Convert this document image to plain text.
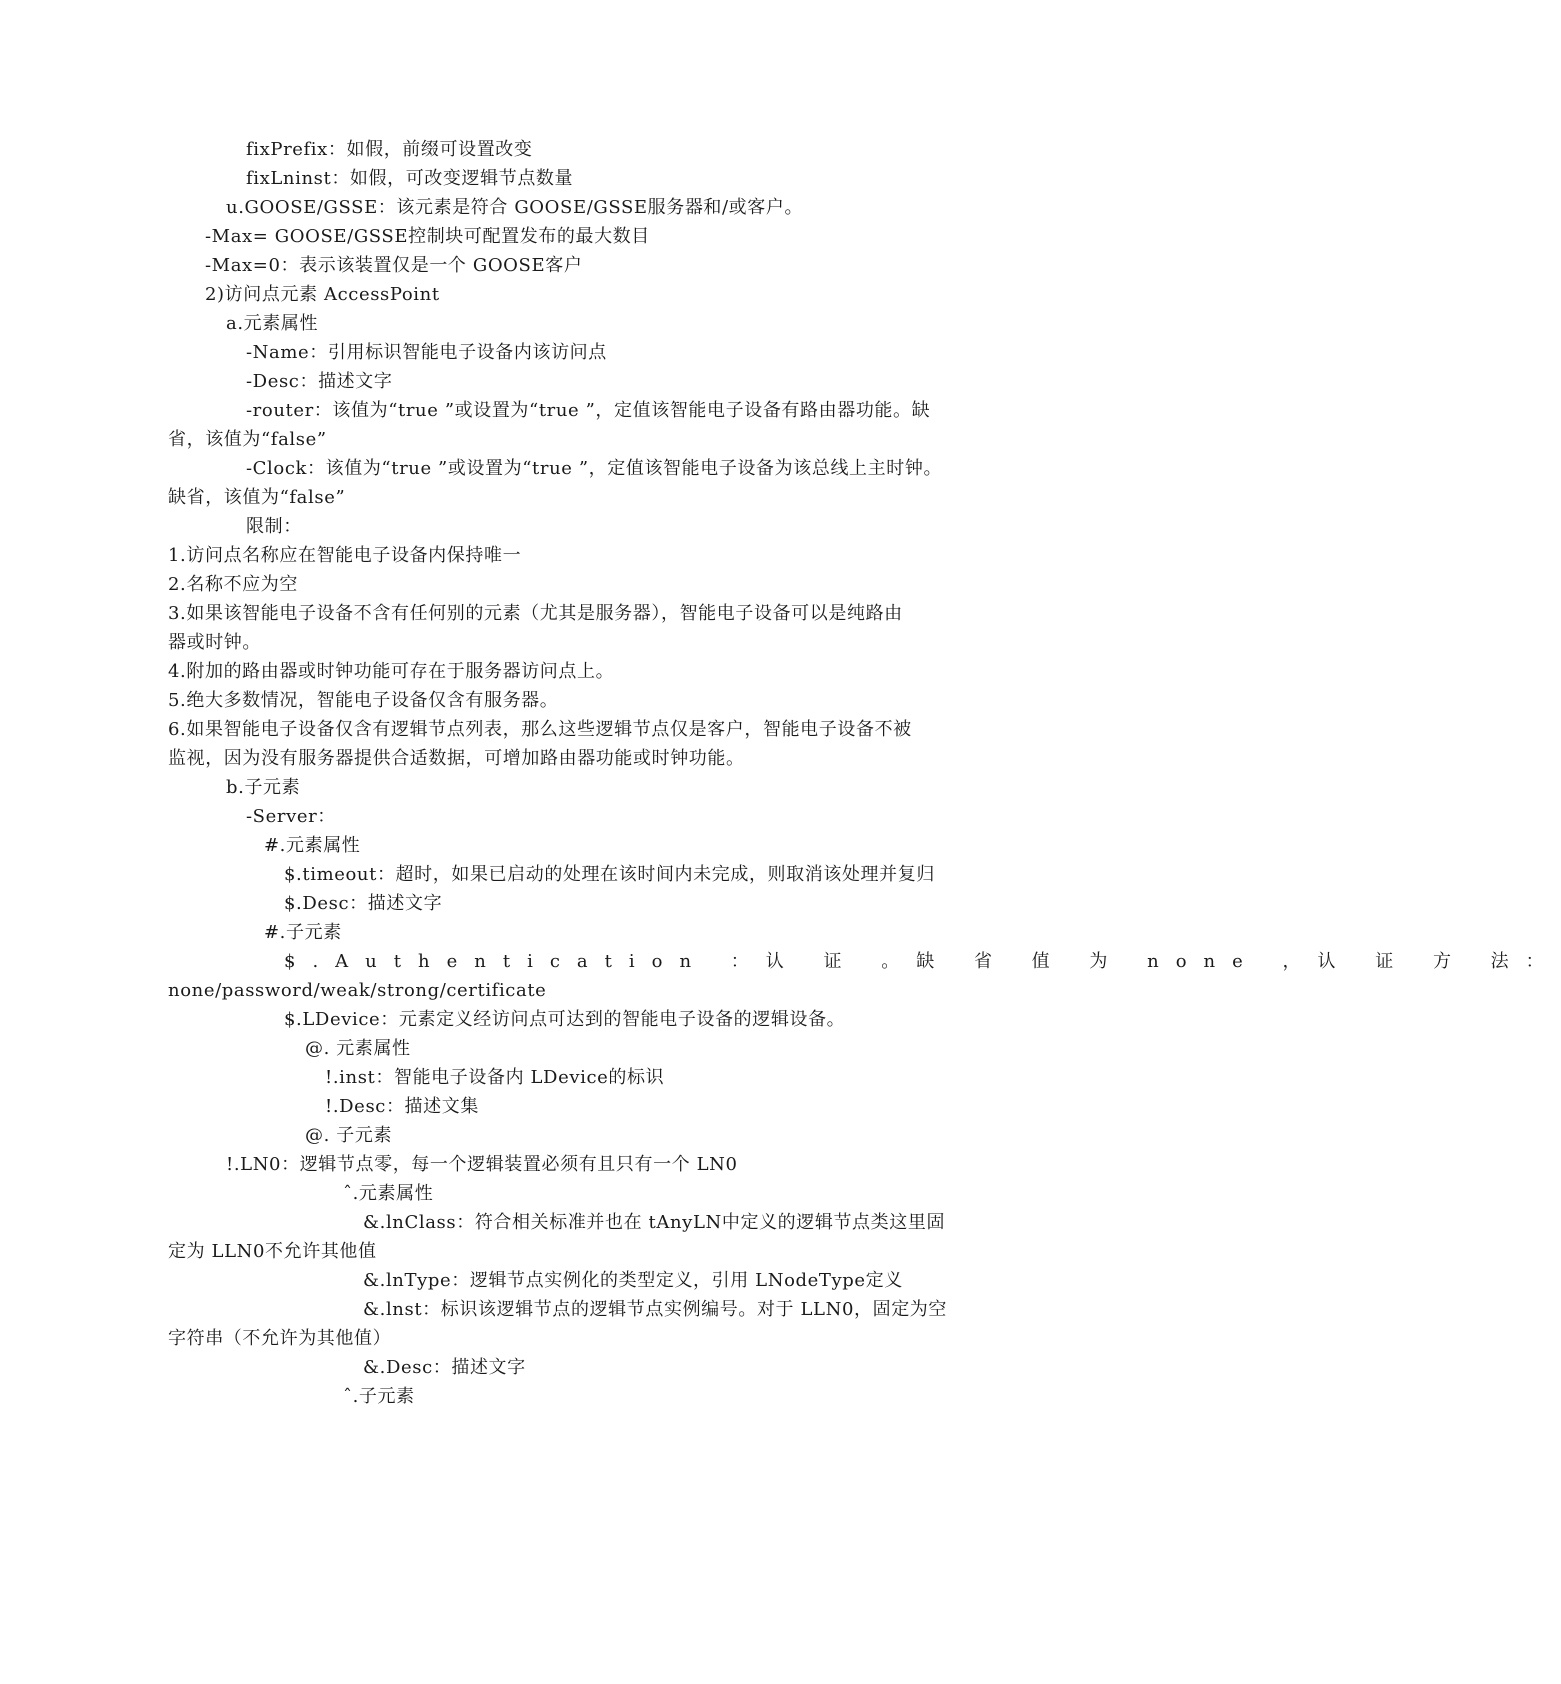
fixPrefix：如假，前缀可设置改变
fixLninst：如假，可改变逻辑节点数量
u.GOOSE/GSSE：该元素是符合 GOOSE/GSSE服务器和/或客户。
-Max= GOOSE/GSSE控制块可配置发布的最大数目
-Max=0：表示该装置仅是一个 GOOSE客户
2)访问点元素 AccessPoint
a.元素属性
-Name：引用标识智能电子设备内该访问点
-Desc：描述文字
-router：该值为“true ”或设置为“true ”，定值该智能电子设备有路由器功能。缺
省，该值为“false”
-Clock：该值为“true ”或设置为“true ”，定值该智能电子设备为该总线上主时钟。
缺省，该值为“false”
限制：
1.访问点名称应在智能电子设备内保持唯一
2.名称不应为空
3.如果该智能电子设备不含有任何别的元素（尤其是服务器），智能电子设备可以是纯路由
器或时钟。
4.附加的路由器或时钟功能可存在于服务器访问点上。
5.绝大多数情况，智能电子设备仅含有服务器。
6.如果智能电子设备仅含有逻辑节点列表，那么这些逻辑节点仅是客户，智能电子设备不被
监视，因为没有服务器提供合适数据，可增加路由器功能或时钟功能。
b.子元素
-Server：
#.元素属性
$.timeout：超时，如果已启动的处理在该时间内未完成，则取消该处理并复归
$.Desc：描述文字
#.子元素
$.Authentication ：认 证 。缺 省 值 为 none ，认 证 方 法：
none/password/weak/strong/certificate
$.LDevice：元素定义经访问点可达到的智能电子设备的逻辑设备。
@. 元素属性
!.inst：智能电子设备内 LDevice的标识
!.Desc：描述文集
@. 子元素
!.LN0：逻辑节点零，每一个逻辑装置必须有且只有一个 LN0
ˆ.元素属性
&.lnClass：符合相关标准并也在 tAnyLN中定义的逻辑节点类这里固
定为 LLN0不允许其他值
&.lnType：逻辑节点实例化的类型定义，引用 LNodeType定义
&.lnst：标识该逻辑节点的逻辑节点实例编号。对于 LLN0，固定为空
字符串（不允许为其他值）
&.Desc：描述文字
ˆ.子元素
